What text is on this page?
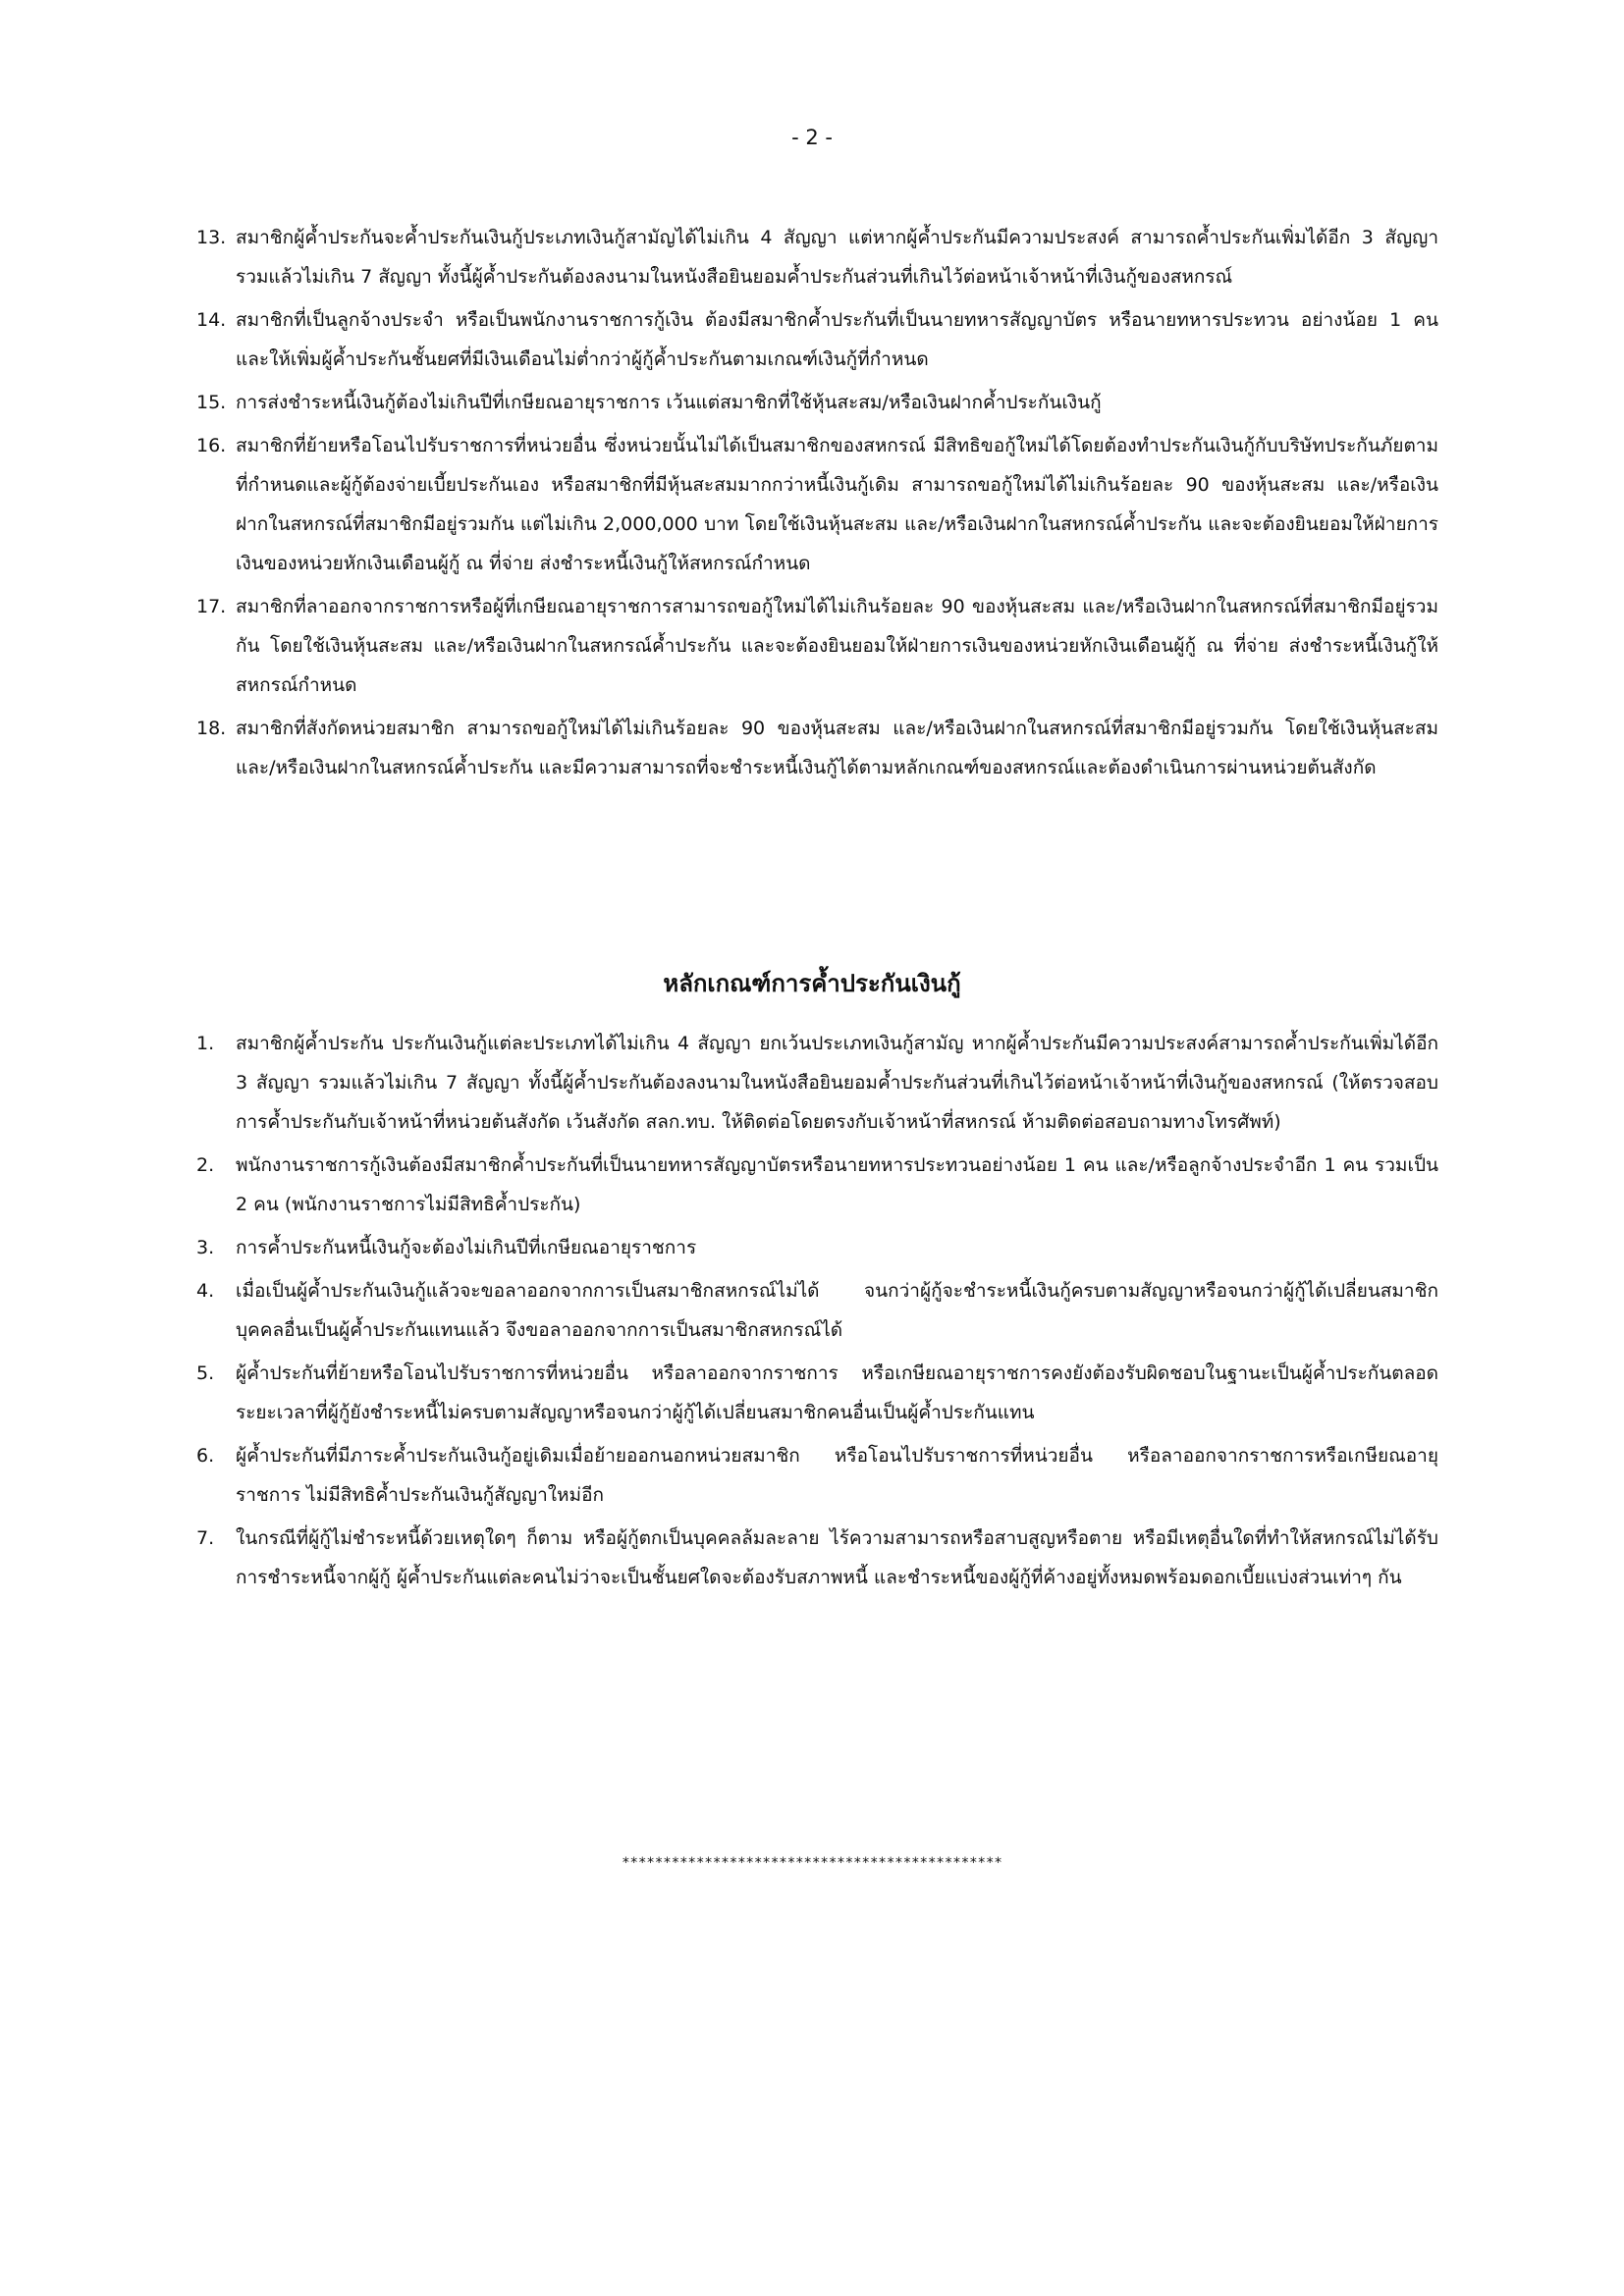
- 2 -
13. สมาชิกผู้ค้ำประกันจะค้ำประกันเงินกู้ประเภทเงินกู้สามัญได้ไม่เกิน 4 สัญญา แต่หากผู้ค้ำประกันมีความประสงค์ สามารถค้ำประกันเพิ่มได้อีก 3 สัญญา รวมแล้วไม่เกิน 7 สัญญา ทั้งนี้ผู้ค้ำประกันต้องลงนามในหนังสือยินยอมค้ำประกันส่วนที่เกินไว้ต่อหน้าเจ้าหน้าที่เงินกู้ของสหกรณ์
14. สมาชิกที่เป็นลูกจ้างประจำ หรือเป็นพนักงานราชการกู้เงิน ต้องมีสมาชิกค้ำประกันที่เป็นนายทหารสัญญาบัตร หรือนายทหารประทวน อย่างน้อย 1 คน และให้เพิ่มผู้ค้ำประกันชั้นยศที่มีเงินเดือนไม่ต่ำกว่าผู้กู้ค้ำประกันตามเกณฑ์เงินกู้ที่กำหนด
15. การส่งชำระหนี้เงินกู้ต้องไม่เกินปีที่เกษียณอายุราชการ เว้นแต่สมาชิกที่ใช้หุ้นสะสม/หรือเงินฝากค้ำประกันเงินกู้
16. สมาชิกที่ย้ายหรือโอนไปรับราชการที่หน่วยอื่น ซึ่งหน่วยนั้นไม่ได้เป็นสมาชิกของสหกรณ์ มีสิทธิขอกู้ใหม่ได้โดยต้องทำประกันเงินกู้กับบริษัทประกันภัยตามที่กำหนดและผู้กู้ต้องจ่ายเบี้ยประกันเอง หรือสมาชิกที่มีหุ้นสะสมมากกว่าหนี้เงินกู้เดิม สามารถขอกู้ใหม่ได้ไม่เกินร้อยละ 90 ของหุ้นสะสม และ/หรือเงินฝากในสหกรณ์ที่สมาชิกมีอยู่รวมกัน แต่ไม่เกิน 2,000,000 บาท โดยใช้เงินหุ้นสะสม และ/หรือเงินฝากในสหกรณ์ค้ำประกัน และจะต้องยินยอมให้ฝ่ายการเงินของหน่วยหักเงินเดือนผู้กู้ ณ ที่จ่าย ส่งชำระหนี้เงินกู้ให้สหกรณ์กำหนด
17. สมาชิกที่ลาออกจากราชการหรือผู้ที่เกษียณอายุราชการสามารถขอกู้ใหม่ได้ไม่เกินร้อยละ 90 ของหุ้นสะสม และ/หรือเงินฝากในสหกรณ์ที่สมาชิกมีอยู่รวมกัน โดยใช้เงินหุ้นสะสม และ/หรือเงินฝากในสหกรณ์ค้ำประกัน และจะต้องยินยอมให้ฝ่ายการเงินของหน่วยหักเงินเดือนผู้กู้ ณ ที่จ่าย ส่งชำระหนี้เงินกู้ให้สหกรณ์กำหนด
18. สมาชิกที่สังกัดหน่วยสมาชิก สามารถขอกู้ใหม่ได้ไม่เกินร้อยละ 90 ของหุ้นสะสม และ/หรือเงินฝากในสหกรณ์ที่สมาชิกมีอยู่รวมกัน โดยใช้เงินหุ้นสะสม และ/หรือเงินฝากในสหกรณ์ค้ำประกัน และมีความสามารถที่จะชำระหนี้เงินกู้ได้ตามหลักเกณฑ์ของสหกรณ์และต้องดำเนินการผ่านหน่วยต้นสังกัด
หลักเกณฑ์การค้ำประกันเงินกู้
1.	สมาชิกผู้ค้ำประกัน ประกันเงินกู้แต่ละประเภทได้ไม่เกิน 4 สัญญา ยกเว้นประเภทเงินกู้สามัญ หากผู้ค้ำประกันมีความประสงค์สามารถค้ำประกันเพิ่มได้อีก 3 สัญญา รวมแล้วไม่เกิน 7 สัญญา ทั้งนี้ผู้ค้ำประกันต้องลงนามในหนังสือยินยอมค้ำประกันส่วนที่เกินไว้ต่อหน้าเจ้าหน้าที่เงินกู้ของสหกรณ์ (ให้ตรวจสอบการค้ำประกันกับเจ้าหน้าที่หน่วยต้นสังกัด เว้นสังกัด สลก.ทบ. ให้ติดต่อโดยตรงกับเจ้าหน้าที่สหกรณ์ ห้ามติดต่อสอบถามทางโทรศัพท์)
2.	พนักงานราชการกู้เงินต้องมีสมาชิกค้ำประกันที่เป็นนายทหารสัญญาบัตรหรือนายทหารประทวนอย่างน้อย 1 คน และ/หรือลูกจ้างประจำอีก 1 คน รวมเป็น 2 คน (พนักงานราชการไม่มีสิทธิค้ำประกัน)
3.	การค้ำประกันหนี้เงินกู้จะต้องไม่เกินปีที่เกษียณอายุราชการ
4.	เมื่อเป็นผู้ค้ำประกันเงินกู้แล้วจะขอลาออกจากการเป็นสมาชิกสหกรณ์ไม่ได้ จนกว่าผู้กู้จะชำระหนี้เงินกู้ครบตามสัญญาหรือจนกว่าผู้กู้ได้เปลี่ยนสมาชิกบุคคลอื่นเป็นผู้ค้ำประกันแทนแล้ว จึงขอลาออกจากการเป็นสมาชิกสหกรณ์ได้
5.	ผู้ค้ำประกันที่ย้ายหรือโอนไปรับราชการที่หน่วยอื่น หรือลาออกจากราชการ หรือเกษียณอายุราชการคงยังต้องรับผิดชอบในฐานะเป็นผู้ค้ำประกันตลอดระยะเวลาที่ผู้กู้ยังชำระหนี้ไม่ครบตามสัญญาหรือจนกว่าผู้กู้ได้เปลี่ยนสมาชิกคนอื่นเป็นผู้ค้ำประกันแทน
6.	ผู้ค้ำประกันที่มีภาระค้ำประกันเงินกู้อยู่เดิมเมื่อย้ายออกนอกหน่วยสมาชิก หรือโอนไปรับราชการที่หน่วยอื่น หรือลาออกจากราชการหรือเกษียณอายุราชการ ไม่มีสิทธิค้ำประกันเงินกู้สัญญาใหม่อีก
7.	ในกรณีที่ผู้กู้ไม่ชำระหนี้ด้วยเหตุใดๆ ก็ตาม หรือผู้กู้ตกเป็นบุคคลล้มละลาย ไร้ความสามารถหรือสาบสูญหรือตาย หรือมีเหตุอื่นใดที่ทำให้สหกรณ์ไม่ได้รับการชำระหนี้จากผู้กู้ ผู้ค้ำประกันแต่ละคนไม่ว่าจะเป็นชั้นยศใดจะต้องรับสภาพหนี้ และชำระหนี้ของผู้กู้ที่ค้างอยู่ทั้งหมดพร้อมดอกเบี้ยแบ่งส่วนเท่าๆ กัน
**********************************************
